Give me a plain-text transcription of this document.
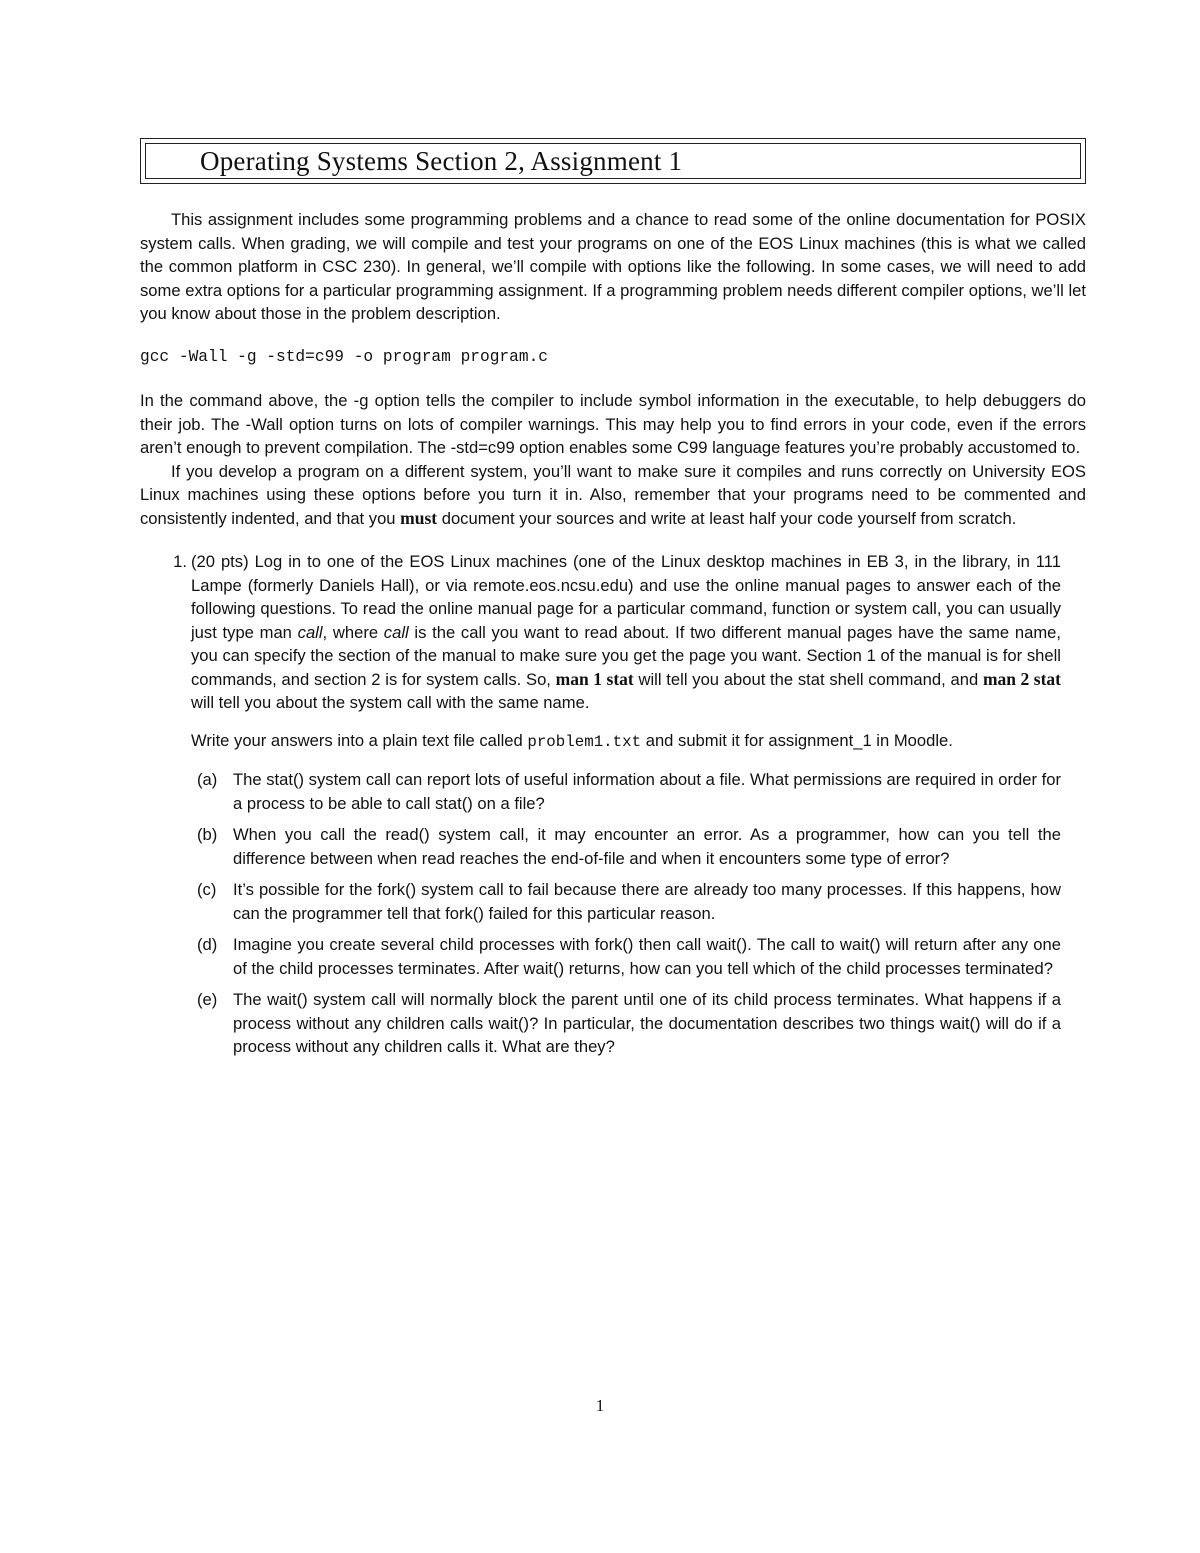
Operating Systems Section 2, Assignment 1

This assignment includes some programming problems and a chance to read some of the online documentation for POSIX system calls. When grading, we will compile and test your programs on one of the EOS Linux machines (this is what we called the common platform in CSC 230). In general, we’ll compile with options like the following. In some cases, we will need to add some extra options for a particular programming assignment. If a programming problem needs different compiler options, we’ll let you know about those in the problem description.

gcc -Wall -g -std=c99 -o program program.c

In the command above, the -g option tells the compiler to include symbol information in the executable, to help debuggers do their job. The -Wall option turns on lots of compiler warnings. This may help you to find errors in your code, even if the errors aren’t enough to prevent compilation. The -std=c99 option enables some C99 language features you’re probably accustomed to.

If you develop a program on a different system, you’ll want to make sure it compiles and runs correctly on University EOS Linux machines using these options before you turn it in. Also, remember that your programs need to be commented and consistently indented, and that you must document your sources and write at least half your code yourself from scratch.

1. (20 pts) Log in to one of the EOS Linux machines (one of the Linux desktop machines in EB 3, in the library, in 111 Lampe (formerly Daniels Hall), or via remote.eos.ncsu.edu) and use the online manual pages to answer each of the following questions. To read the online manual page for a particular command, function or system call, you can usually just type man call, where call is the call you want to read about. If two different manual pages have the same name, you can specify the section of the manual to make sure you get the page you want. Section 1 of the manual is for shell commands, and section 2 is for system calls. So, man 1 stat will tell you about the stat shell command, and man 2 stat will tell you about the system call with the same name.

Write your answers into a plain text file called problem1.txt and submit it for assignment_1 in Moodle.

(a) The stat() system call can report lots of useful information about a file. What permissions are required in order for a process to be able to call stat() on a file?
(b) When you call the read() system call, it may encounter an error. As a programmer, how can you tell the difference between when read reaches the end-of-file and when it encounters some type of error?
(c)	It’s possible for the fork() system call to fail because there are already too many processes. If this happens, how can the programmer tell that fork() failed for this particular reason.
(d) Imagine you create several child processes with fork() then call wait(). The call to wait() will return after any one of the child processes terminates. After wait() returns, how can you tell which of the child processes terminated?
(e) The wait() system call will normally block the parent until one of its child process terminates. What happens if a process without any children calls wait()? In particular, the documentation describes two things wait() will do if a process without any children calls it. What are they?
1
